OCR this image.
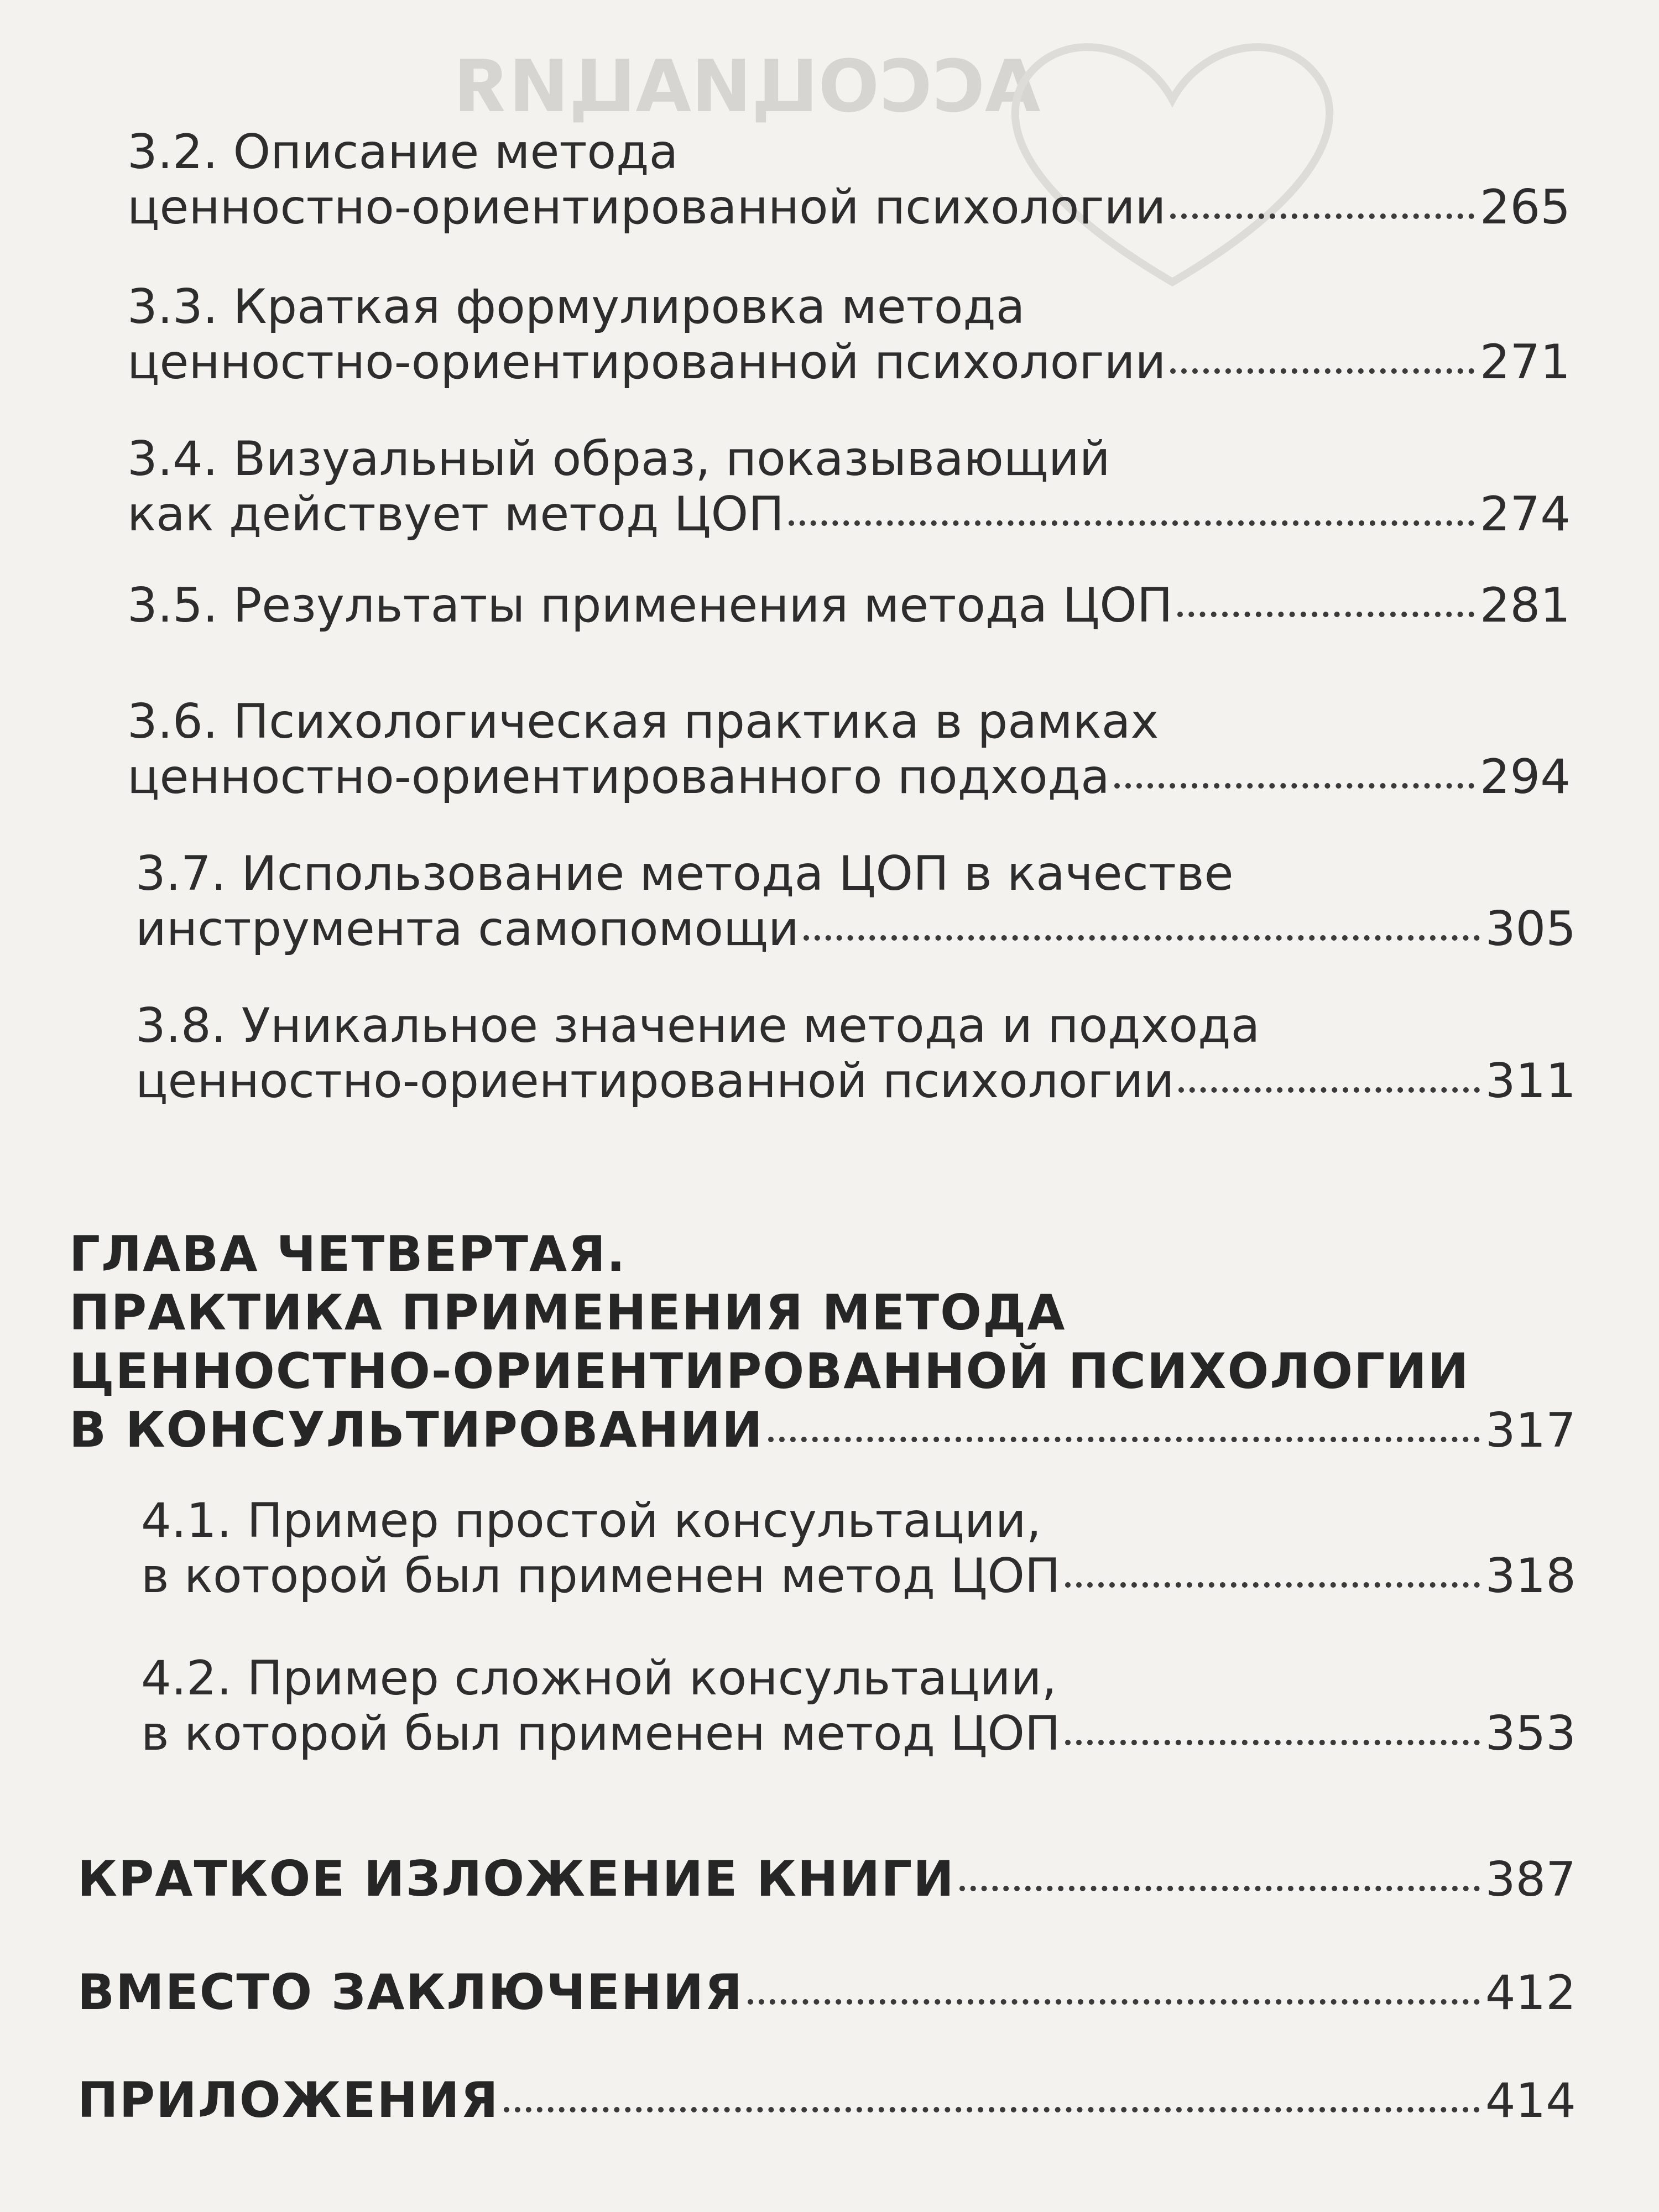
АССОЦИАЦИЯ
3.2. Описание метода
ценностно-ориентированной психологии	265
3.3. Краткая формулировка метода
ценностно-ориентированной психологии	271
3.4. Визуальный образ, показывающий
как действует метод ЦОП	274
3.5. Результаты применения метода ЦОП	281
3.6. Психологическая практика в рамках
ценностно-ориентированного подхода	294
3.7. Использование метода ЦОП в качестве
инструмента самопомощи	305
3.8. Уникальное значение метода и подхода
ценностно-ориентированной психологии	311
ГЛАВА ЧЕТВЕРТАЯ.
ПРАКТИКА ПРИМЕНЕНИЯ МЕТОДА
ЦЕННОСТНО-ОРИЕНТИРОВАННОЙ ПСИХОЛОГИИ
В КОНСУЛЬТИРОВАНИИ	317
4.1. Пример простой консультации,
в которой был применен метод ЦОП	318
4.2. Пример сложной консультации,
в которой был применен метод ЦОП	353
КРАТКОЕ ИЗЛОЖЕНИЕ КНИГИ	387
ВМЕСТО ЗАКЛЮЧЕНИЯ	412
ПРИЛОЖЕНИЯ	414
